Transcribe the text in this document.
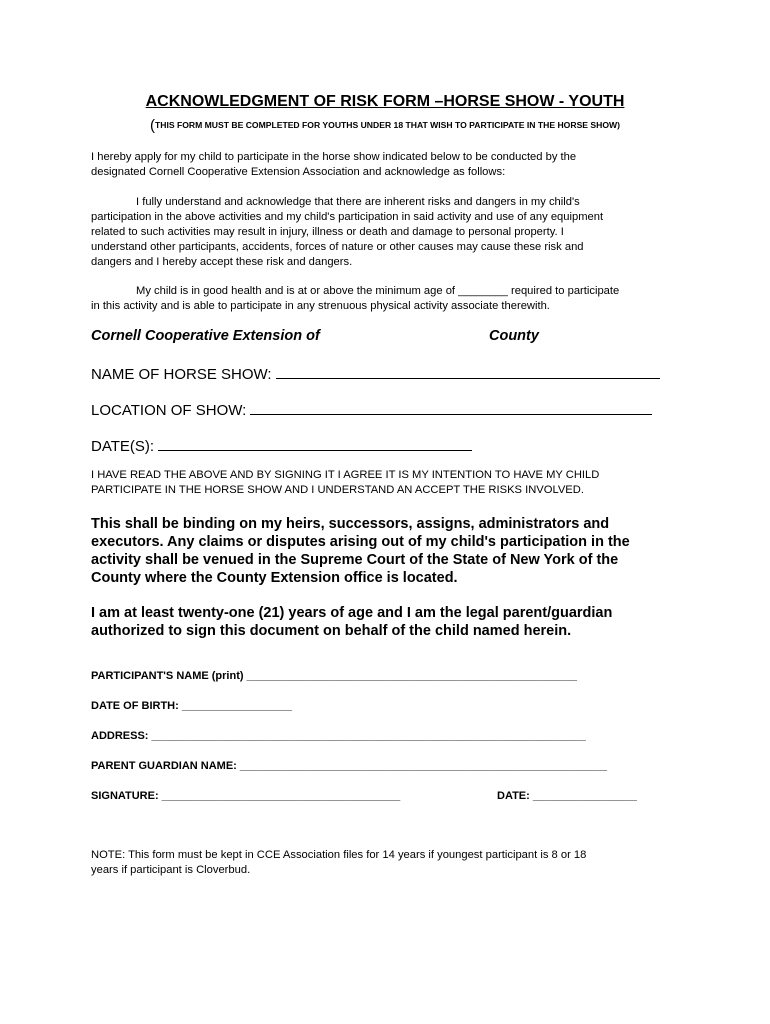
ACKNOWLEDGMENT OF RISK FORM –HORSE SHOW - YOUTH
(THIS FORM MUST BE COMPLETED FOR YOUTHS UNDER 18 THAT WISH TO PARTICIPATE IN THE HORSE SHOW)
I hereby apply for my child to participate in the horse show indicated below to be conducted by the
designated Cornell Cooperative Extension Association and acknowledge as follows:
I fully understand and acknowledge that there are inherent risks and dangers in my child's
participation in the above activities and my child's participation in said activity and use of any equipment
related to such activities may result in injury, illness or death and damage to personal property. I
understand other participants, accidents, forces of nature or other causes may cause these risk and
dangers and I hereby accept these risk and dangers.
My child is in good health and is at or above the minimum age of ________ required to participate
in this activity and is able to participate in any strenuous physical activity associate therewith.
Cornell Cooperative Extension of	County
NAME OF HORSE SHOW:
LOCATION OF SHOW:
DATE(S):
I HAVE READ THE ABOVE AND BY SIGNING IT I AGREE IT IS MY INTENTION TO HAVE MY CHILD
PARTICIPATE IN THE HORSE SHOW AND I UNDERSTAND AN ACCEPT THE RISKS INVOLVED.
This shall be binding on my heirs, successors, assigns, administrators and
executors. Any claims or disputes arising out of my child's participation in the
activity shall be venued in the Supreme Court of the State of New York of the
County where the County Extension office is located.
I am at least twenty-one (21) years of age and I am the legal parent/guardian
authorized to sign this document on behalf of the child named herein.
PARTICIPANT'S NAME (print) ______________________________________________________
DATE OF BIRTH: __________________
ADDRESS: _______________________________________________________________________
PARENT GUARDIAN NAME: ____________________________________________________________
SIGNATURE: _______________________________________	DATE: _________________
NOTE: This form must be kept in CCE Association files for 14 years if youngest participant is 8 or 18
years if participant is Cloverbud.
